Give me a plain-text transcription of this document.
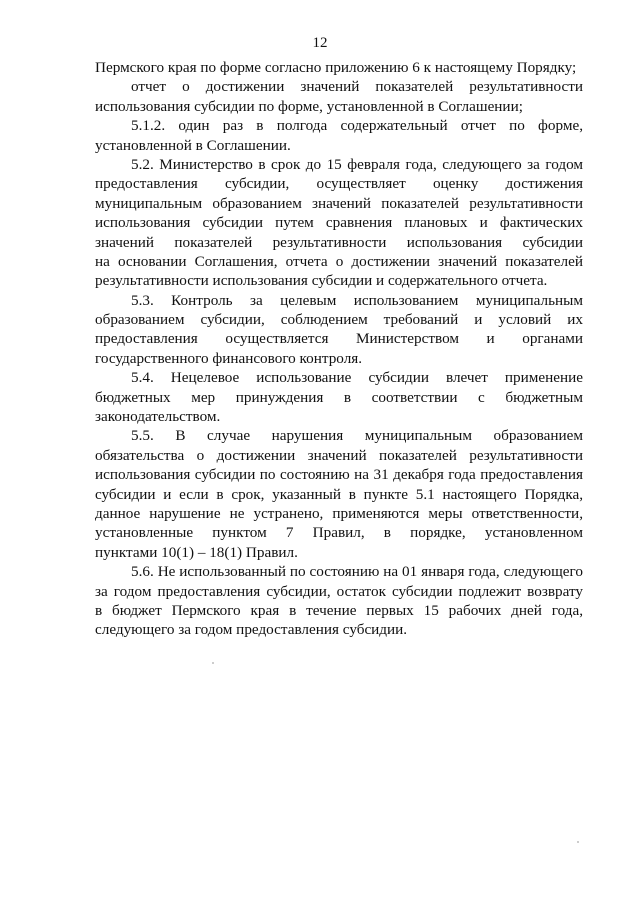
12
Пермского края по форме согласно приложению 6 к настоящему Порядку;
отчет о достижении значений показателей результативности
использования субсидии по форме, установленной в Соглашении;
5.1.2. один раз в полгода содержательный отчет по форме,
установленной в Соглашении.
5.2. Министерство в срок до 15 февраля года, следующего за годом
предоставления субсидии, осуществляет оценку достижения
муниципальным образованием значений показателей результативности
использования субсидии путем сравнения плановых и фактических
значений показателей результативности использования субсидии
на основании Соглашения, отчета о достижении значений показателей
результативности использования субсидии и содержательного отчета.
5.3. Контроль за целевым использованием муниципальным
образованием субсидии, соблюдением требований и условий их
предоставления осуществляется Министерством и органами
государственного финансового контроля.
5.4. Нецелевое использование субсидии влечет применение
бюджетных мер принуждения в соответствии с бюджетным
законодательством.
5.5. В случае нарушения муниципальным образованием
обязательства о достижении значений показателей результативности
использования субсидии по состоянию на 31 декабря года предоставления
субсидии и если в срок, указанный в пункте 5.1 настоящего Порядка,
данное нарушение не устранено, применяются меры ответственности,
установленные пунктом 7 Правил, в порядке, установленном
пунктами 10(1) – 18(1) Правил.
5.6. Не использованный по состоянию на 01 января года, следующего
за годом предоставления субсидии, остаток субсидии подлежит возврату
в бюджет Пермского края в течение первых 15 рабочих дней года,
следующего за годом предоставления субсидии.
